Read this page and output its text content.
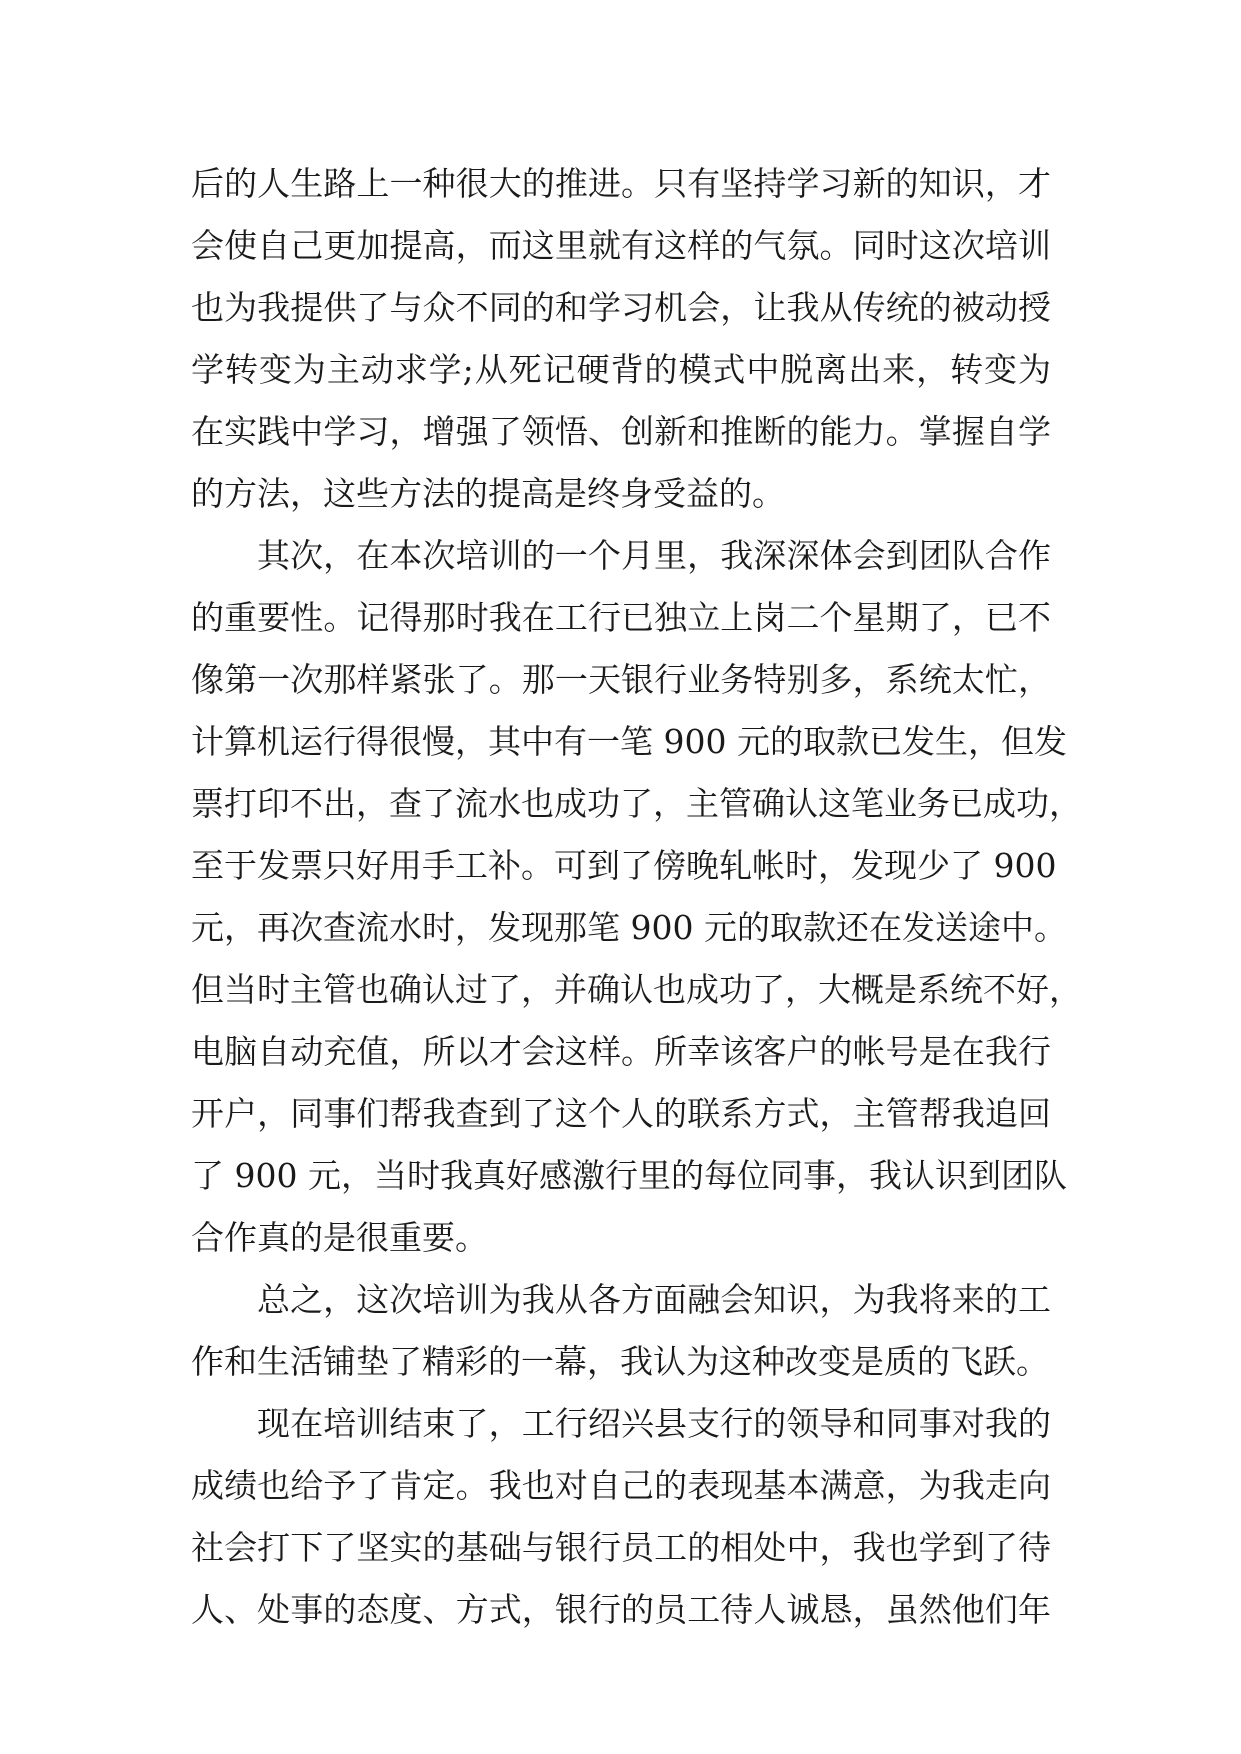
后的人生路上一种很大的推进。只有坚持学习新的知识，才
会使自己更加提高，而这里就有这样的气氛。同时这次培训
也为我提供了与众不同的和学习机会，让我从传统的被动授
学转变为主动求学;从死记硬背的模式中脱离出来，转变为
在实践中学习，增强了领悟、创新和推断的能力。掌握自学
的方法，这些方法的提高是终身受益的。
其次，在本次培训的一个月里，我深深体会到团队合作
的重要性。记得那时我在工行已独立上岗二个星期了，已不
像第一次那样紧张了。那一天银行业务特别多，系统太忙，
计算机运行得很慢，其中有一笔 900 元的取款已发生，但发
票打印不出，查了流水也成功了，主管确认这笔业务已成功，
至于发票只好用手工补。可到了傍晚轧帐时，发现少了 900
元，再次查流水时，发现那笔 900 元的取款还在发送途中。
但当时主管也确认过了，并确认也成功了，大概是系统不好，
电脑自动充值，所以才会这样。所幸该客户的帐号是在我行
开户，同事们帮我查到了这个人的联系方式，主管帮我追回
了 900 元，当时我真好感激行里的每位同事，我认识到团队
合作真的是很重要。
总之，这次培训为我从各方面融会知识，为我将来的工
作和生活铺垫了精彩的一幕，我认为这种改变是质的飞跃。
现在培训结束了，工行绍兴县支行的领导和同事对我的
成绩也给予了肯定。我也对自己的表现基本满意，为我走向
社会打下了坚实的基础与银行员工的相处中，我也学到了待
人、处事的态度、方式，银行的员工待人诚恳，虽然他们年
